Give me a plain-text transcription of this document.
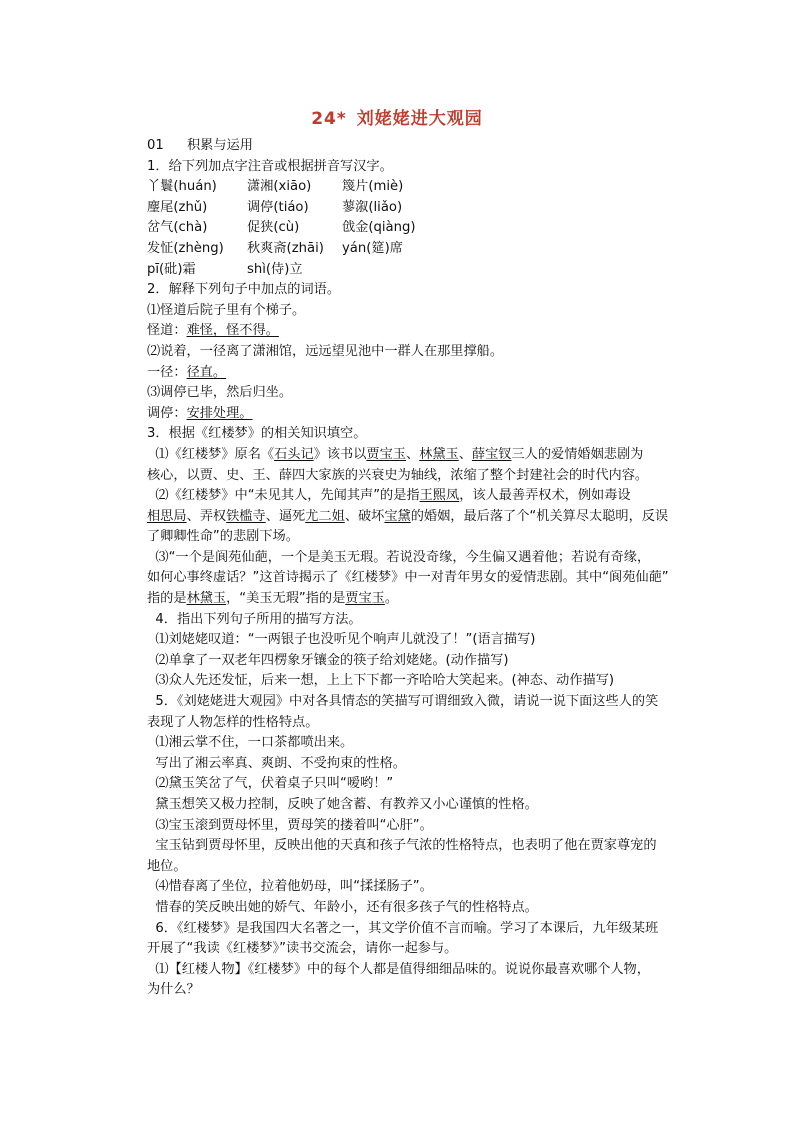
24* 刘姥姥进大观园
01 积累与运用
1．给下列加点字注音或根据拼音写汉字。
丫鬟(huán)	潇湘(xiāo)	篾片(miè)
麈尾(zhǔ)	调停(tiáo)	蓼溆(liǎo)
岔气(chà)	促狭(cù)	戗金(qiàng)
发怔(zhèng)	秋爽斋(zhāi)	yán(筵)席
pī(砒)霜	shì(侍)立
2．解释下列句子中加点的词语。
⑴怪道后院子里有个梯子。
怪道：难怪，怪不得。
⑵说着，一径离了潇湘馆，远远望见池中一群人在那里撑船。
一径：径直。
⑶调停已毕，然后归坐。
调停：安排处理。
3．根据《红楼梦》的相关知识填空。
⑴《红楼梦》原名《石头记》该书以贾宝玉、林黛玉、薛宝钗三人的爱情婚姻悲剧为
核心，以贾、史、王、薛四大家族的兴衰史为轴线，浓缩了整个封建社会的时代内容。
⑵《红楼梦》中“未见其人，先闻其声”的是指王熙凤，该人最善弄权术，例如毒设
相思局、弄权铁槛寺、逼死尤二姐、破坏宝黛的婚姻，最后落了个“机关算尽太聪明，反误
了卿卿性命”的悲剧下场。
⑶“一个是阆苑仙葩，一个是美玉无瑕。若说没奇缘，今生偏又遇着他；若说有奇缘，
如何心事终虚话？”这首诗揭示了《红楼梦》中一对青年男女的爱情悲剧。其中“阆苑仙葩”
指的是林黛玉，“美玉无瑕”指的是贾宝玉。
4．指出下列句子所用的描写方法。
⑴刘姥姥叹道：“一两银子也没听见个响声儿就没了！”(语言描写)
⑵单拿了一双老年四楞象牙镶金的筷子给刘姥姥。(动作描写)
⑶众人先还发怔，后来一想，上上下下都一齐哈哈大笑起来。(神态、动作描写)
5．《刘姥姥进大观园》中对各具情态的笑描写可谓细致入微，请说一说下面这些人的笑
表现了人物怎样的性格特点。
⑴湘云掌不住，一口茶都喷出来。
写出了湘云率真、爽朗、不受拘束的性格。
⑵黛玉笑岔了气，伏着桌子只叫“嗳哟！”
黛玉想笑又极力控制，反映了她含蓄、有教养又小心谨慎的性格。
⑶宝玉滚到贾母怀里，贾母笑的搂着叫“心肝”。
宝玉钻到贾母怀里，反映出他的天真和孩子气浓的性格特点，也表明了他在贾家尊宠的
地位。
⑷惜春离了坐位，拉着他奶母，叫“揉揉肠子”。
惜春的笑反映出她的娇气、年龄小，还有很多孩子气的性格特点。
6．《红楼梦》是我国四大名著之一，其文学价值不言而喻。学习了本课后，九年级某班
开展了“我读《红楼梦》”读书交流会，请你一起参与。
⑴【红楼人物】《红楼梦》中的每个人都是值得细细品味的。说说你最喜欢哪个人物，
为什么？
